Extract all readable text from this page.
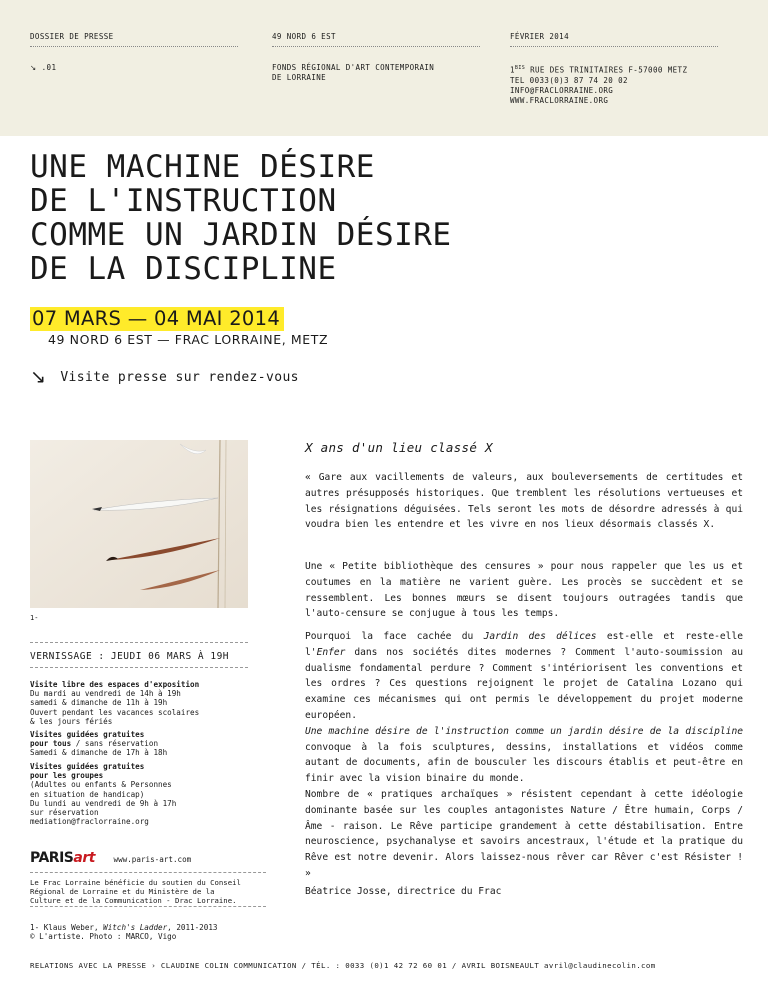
DOSSIER DE PRESSE
↘ .01
49 NORD 6 EST
FONDS RÉGIONAL D'ART CONTEMPORAIN
DE LORRAINE
FÉVRIER 2014
$1^{BIS}$ RUE DES TRINITAIRES F-57000 METZ
TEL 0033(0)3 87 74 20 02
INFO@FRACLORRAINE.ORG
WWW.FRACLORRAINE.ORG
UNE MACHINE DÉSIRE
DE L'INSTRUCTION
COMME UN JARDIN DÉSIRE
DE LA DISCIPLINE
07 MARS — 04 MAI 2014
49 NORD 6 EST — FRAC LORRAINE, METZ
↘ Visite presse sur rendez-vous
1-
VERNISSAGE : JEUDI 06 MARS À 19H
Visite libre des espaces d'exposition
Du mardi au vendredi de 14h à 19h
samedi & dimanche de 11h à 19h
Ouvert pendant les vacances scolaires
& les jours fériés
Visites guidées gratuites
pour tous / sans réservation
Samedi & dimanche de 17h à 18h
Visites guidées gratuites
pour les groupes
(Adultes ou enfants & Personnes
en situation de handicap)
Du lundi au vendredi de 9h à 17h
sur réservation
mediation@fraclorraine.org
PARISart www.paris-art.com
Le Frac Lorraine bénéficie du soutien du Conseil
Régional de Lorraine et du Ministère de la
Culture et de la Communication - Drac Lorraine.
1- Klaus Weber, Witch's Ladder, 2011-2013
© L'artiste. Photo : MARCO, Vigo
X ans d'un lieu classé X

« Gare aux vacillements de valeurs, aux bouleversements de certitudes et autres présupposés historiques. Que tremblent les résolutions vertueuses et les résignations déguisées. Tels seront les mots de désordre adressés à qui voudra bien les entendre et les vivre en nos lieux désormais classés X.

Une « Petite bibliothèque des censures » pour nous rappeler que les us et coutumes en la matière ne varient guère. Les procès se succèdent et se ressemblent. Les bonnes mœurs se disent toujours outragées tandis que l'auto-censure se conjugue à tous les temps.

Pourquoi la face cachée du Jardin des délices est-elle et reste-elle l'Enfer dans nos sociétés dites modernes ? Comment l'auto-soumission au dualisme fondamental perdure ? Comment s'intériorisent les conventions et les ordres ? Ces questions rejoignent le projet de Catalina Lozano qui examine ces mécanismes qui ont permis le développement du projet moderne européen.
Une machine désire de l'instruction comme un jardin désire de la discipline convoque à la fois sculptures, dessins, installations et vidéos comme autant de documents, afin de bousculer les discours établis et peut-être en finir avec la vision binaire du monde.

Nombre de « pratiques archaïques » résistent cependant à cette idéologie dominante basée sur les couples antagonistes Nature / Être humain, Corps / Âme - raison. Le Rêve participe grandement à cette déstabilisation. Entre neuroscience, psychanalyse et savoirs ancestraux, l'étude et la pratique du Rêve est notre devenir. Alors laissez-nous rêver car Rêver c'est Résister ! »

Béatrice Josse, directrice du Frac

RELATIONS AVEC LA PRESSE › CLAUDINE COLIN COMMUNICATION / TÉL. : 0033 (0)1 42 72 60 01 / AVRIL BOISNEAULT avril@claudinecolin.com
